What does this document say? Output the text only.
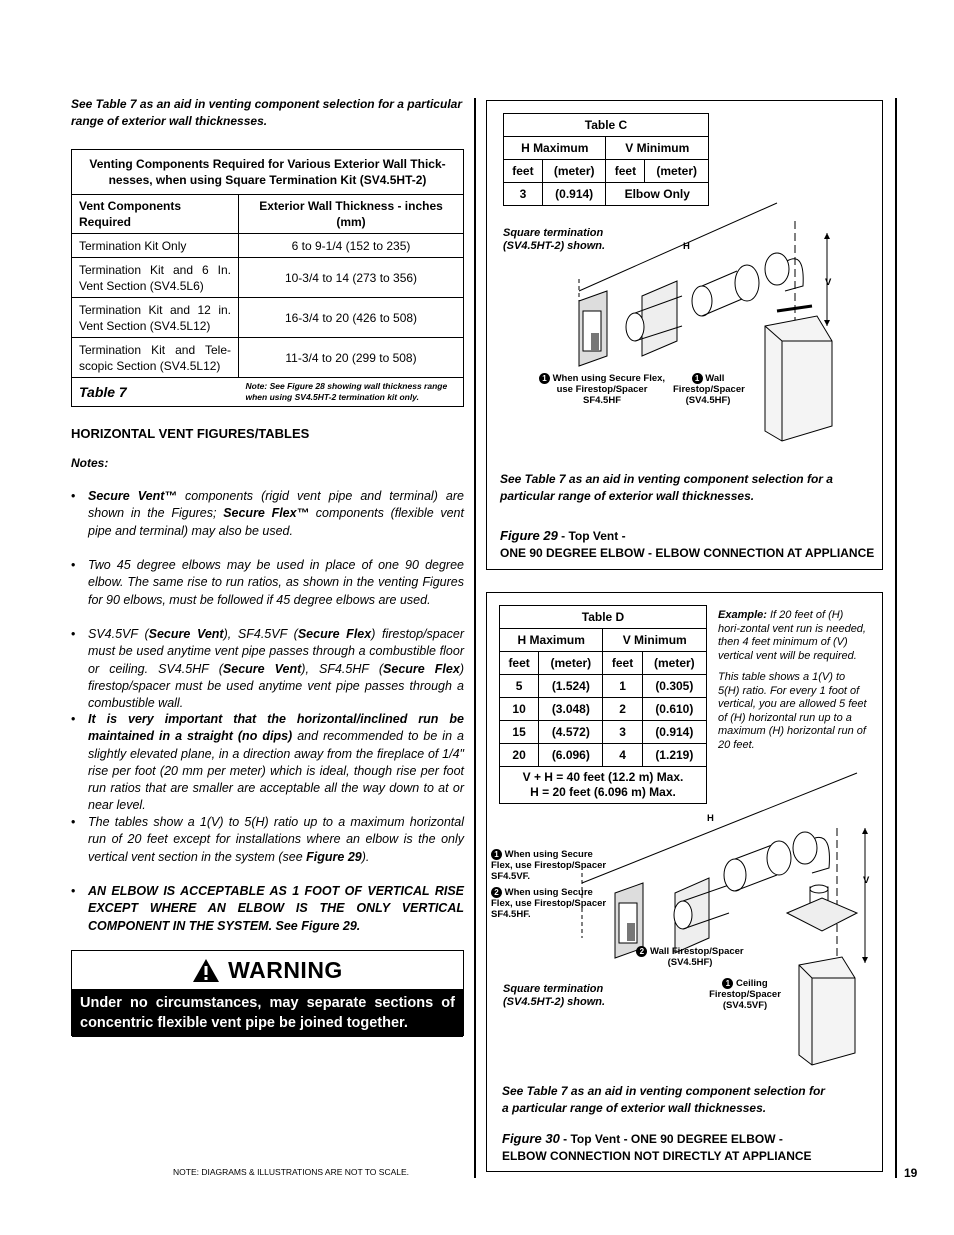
See Table 7 as an aid in venting component selection for a particular range of exterior wall thicknesses.
Venting Components Required for Various Exterior Wall Thick-nesses, when using Square Termination Kit (SV4.5HT-2)	
Vent Components Required	Exterior Wall Thickness - inches (mm)
Termination Kit Only	6 to 9-1/4 (152 to 235)
Termination Kit and 6 In. Vent Section (SV4.5L6)	10-3/4 to 14 (273 to 356)
Termination Kit and 12 in. Vent Section (SV4.5L12)	16-3/4 to 20 (426 to 508)
Termination Kit and Tele-scopic Section (SV4.5L12)	11-3/4 to 20 (299 to 508)
Table 7	Note: See Figure 28 showing wall thickness range when using SV4.5HT-2 termination kit only.
HORIZONTAL VENT FIGURES/TABLES
Notes:
• Secure Vent™ components (rigid vent pipe and terminal) are shown in the Figures; Secure Flex™ components (flexible vent pipe and terminal) may also be used.
• Two 45 degree elbows may be used in place of one 90 degree elbow. The same rise to run ratios, as shown in the venting Figures for 90 elbows, must be followed if 45 degree elbows are used.
• SV4.5VF (Secure Vent), SF4.5VF (Secure Flex) firestop/spacer must be used anytime vent pipe passes through a combustible floor or ceiling. SV4.5HF (Secure Vent), SF4.5HF (Secure Flex) firestop/spacer must be used anytime vent pipe passes through a combustible wall.
• It is very important that the horizontal/inclined run be maintained in a straight (no dips) and recommended to be in a slightly elevated plane, in a direction away from the fireplace of 1/4" rise per foot (20 mm per meter) which is ideal, though rise per foot run ratios that are smaller are acceptable all the way down to at or near level.
• The tables show a 1(V) to 5(H) ratio up to a maximum horizontal run of 20 feet except for installations where an elbow is the only vertical vent section in the system (see Figure 29).
• AN ELBOW IS ACCEPTABLE AS 1 FOOT OF VERTICAL RISE EXCEPT WHERE AN ELBOW IS THE ONLY VERTICAL COMPONENT IN THE SYSTEM. See Figure 29.
WARNING
Under no circumstances, may separate sections of concentric flexible vent pipe be joined together.
NOTE: DIAGRAMS & ILLUSTRATIONS ARE NOT TO SCALE.	19
Table C			
H Maximum		V Minimum	
feet	(meter)	feet	(meter)
3	(0.914)	Elbow Only	
Square termination (SV4.5HT-2) shown.	H
V
1 When using Secure Flex, use Firestop/Spacer SF4.5HF
1 Wall Firestop/Spacer (SV4.5HF)
See Table 7 as an aid in venting component selection for a particular range of exterior wall thicknesses.
Figure 29 - Top Vent -
ONE 90 DEGREE ELBOW - ELBOW CONNECTION AT APPLIANCE
Table D			
H Maximum		V Minimum	
feet	(meter)	feet	(meter)
5	(1.524)	1	(0.305)
10	(3.048)	2	(0.610)
15	(4.572)	3	(0.914)
20	(6.096)	4	(1.219)
V + H = 40 feet (12.2 m) Max.
H = 20 feet (6.096 m) Max.			
Example: If 20 feet of (H) hori-zontal vent run is needed, then 4 feet minimum of (V) vertical vent will be required.
This table shows a 1(V) to 5(H) ratio. For every 1 foot of vertical, you are allowed 5 feet of (H) horizontal run up to a maximum (H) horizontal run of 20 feet.
H
V
1 When using Secure Flex, use Firestop/Spacer SF4.5VF.
2 When using Secure Flex, use Firestop/Spacer SF4.5HF.
2 Wall Firestop/Spacer (SV4.5HF)
1 Ceiling Firestop/Spacer (SV4.5VF)
Square termination (SV4.5HT-2) shown.
See Table 7 as an aid in venting component selection for a particular range of exterior wall thicknesses.
Figure 30 - Top Vent - ONE 90 DEGREE ELBOW -
ELBOW CONNECTION NOT DIRECTLY AT APPLIANCE
